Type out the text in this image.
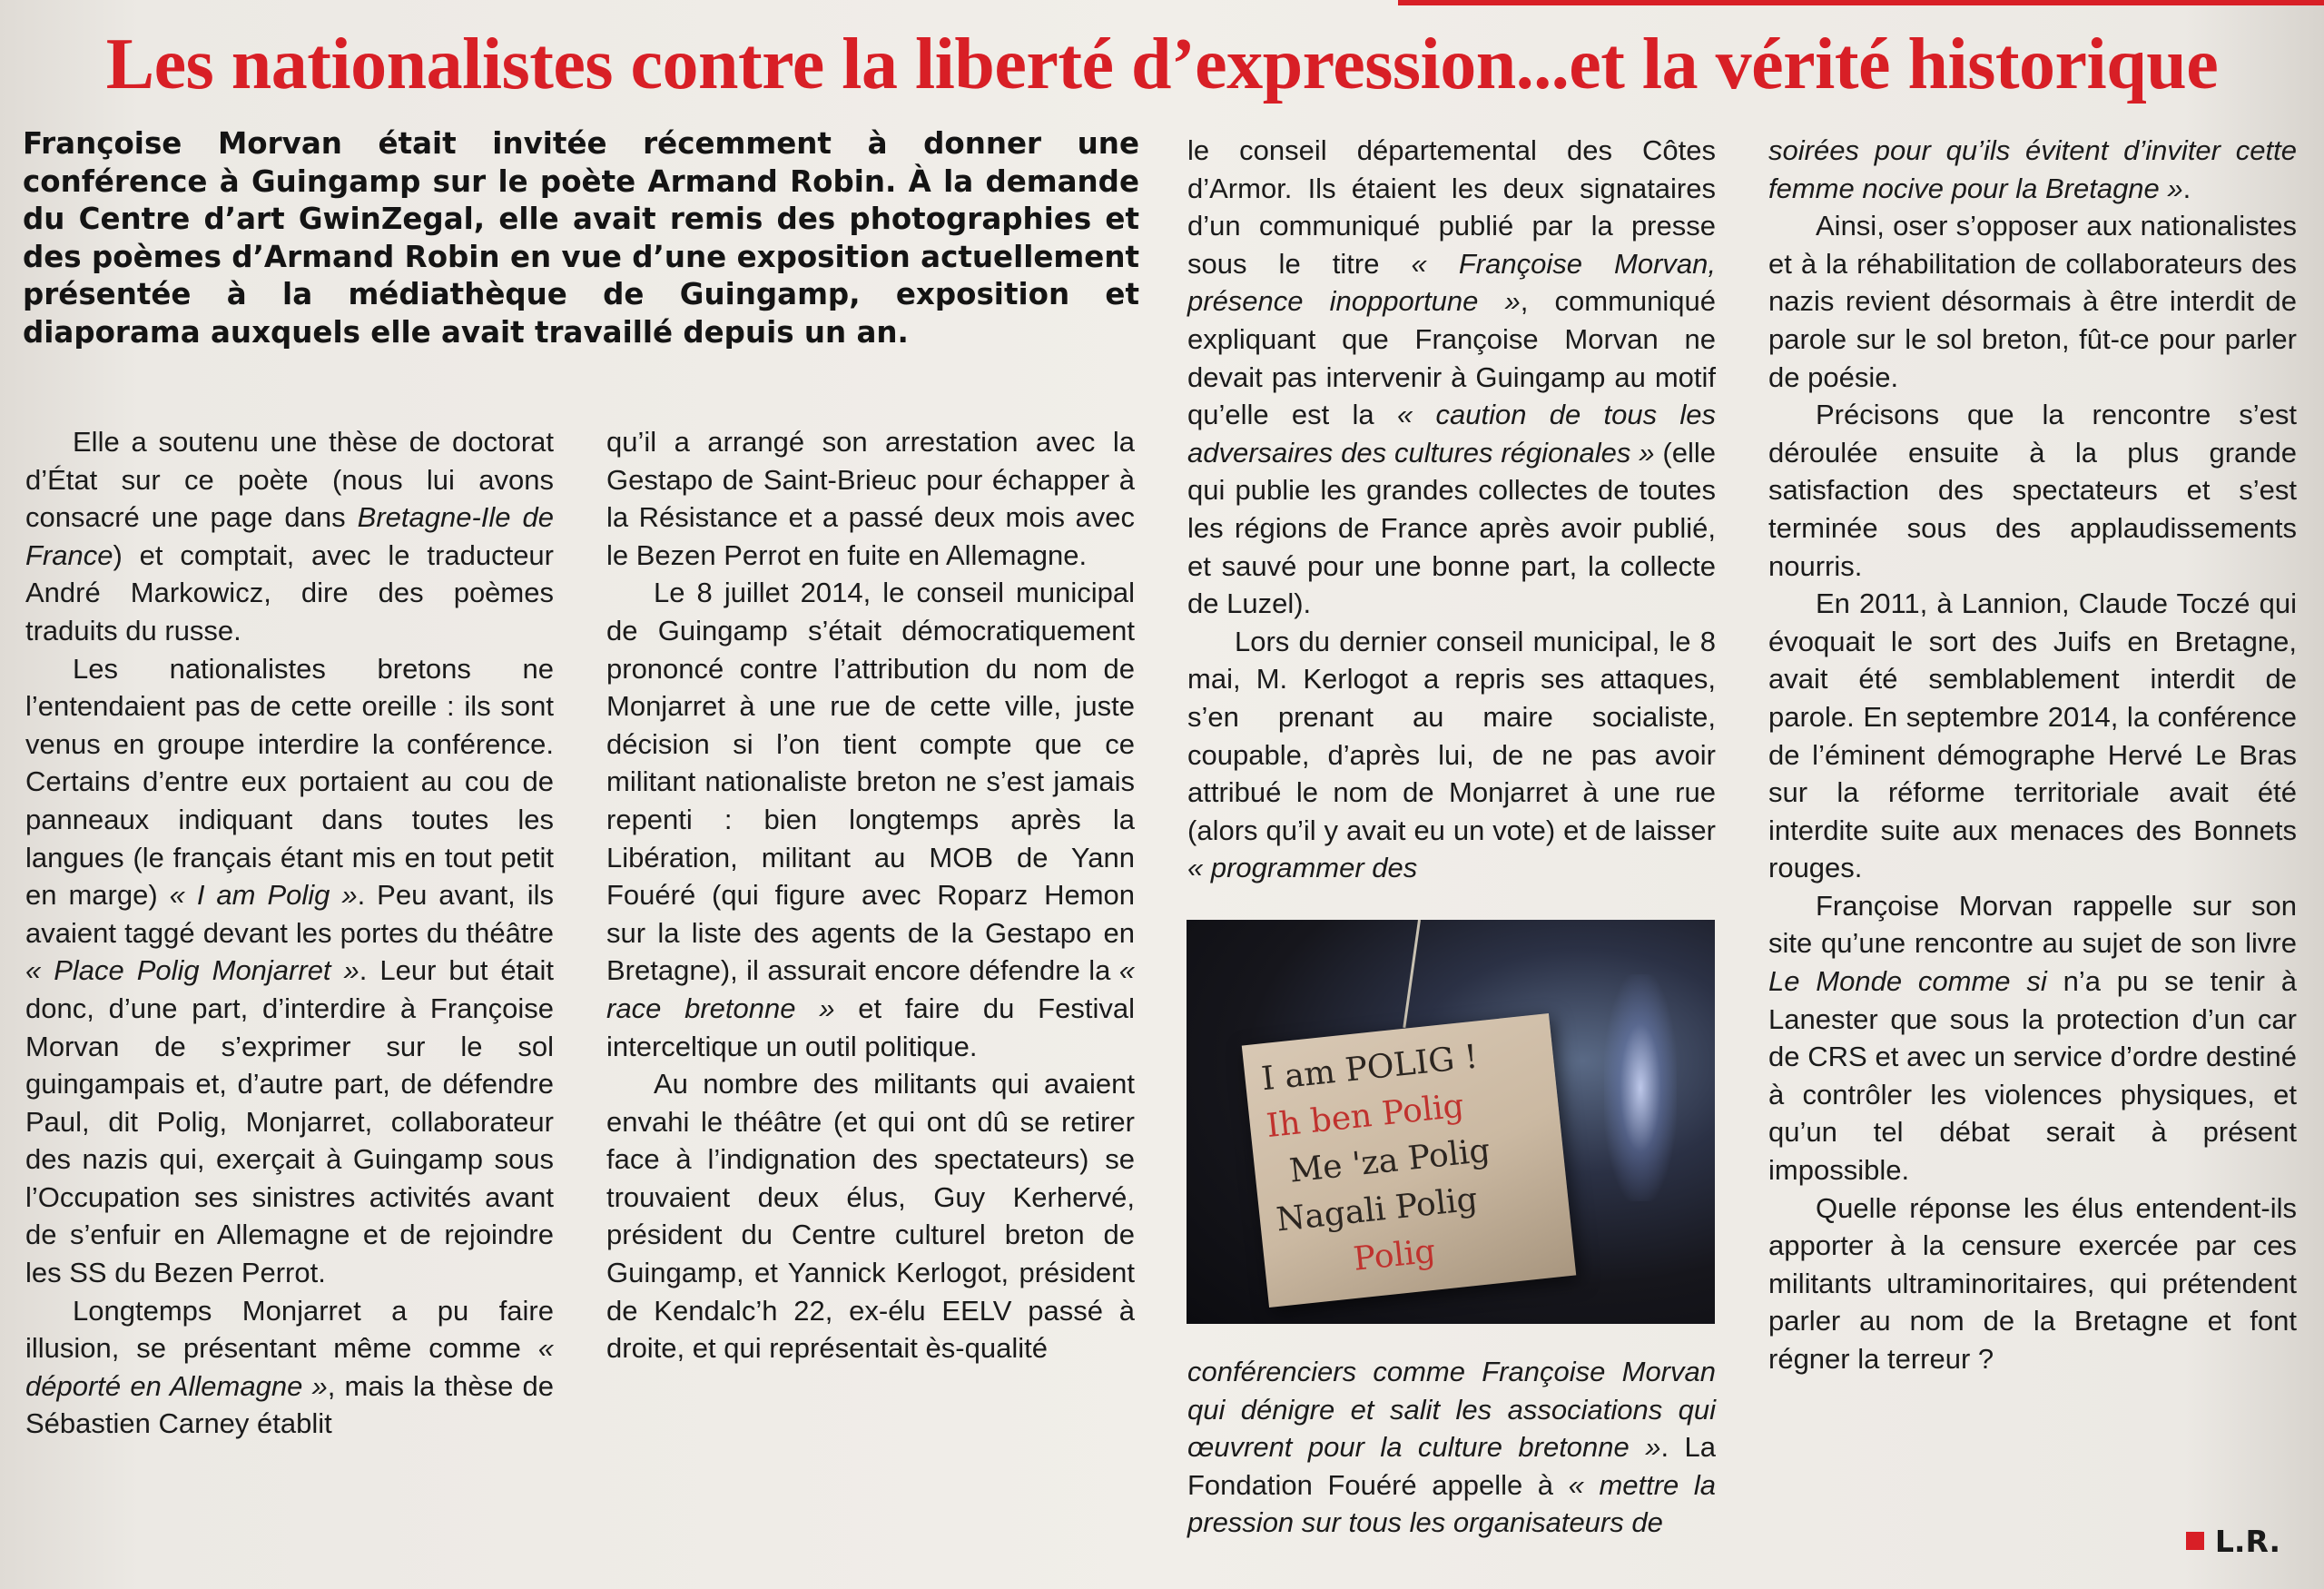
Les nationalistes contre la liberté d’expression...et la vérité historique

Françoise Morvan était invitée récemment à donner une conférence à Guingamp sur le poète Armand Robin. À la demande du Centre d’art GwinZegal, elle avait remis des photographies et des poèmes d’Armand Robin en vue d’une exposition actuellement présentée à la médiathèque de Guingamp, exposition et diaporama auxquels elle avait travaillé depuis un an.

Elle a soutenu une thèse de doctorat d’État sur ce poète (nous lui avons consacré une page dans Bretagne-Ile de France) et comptait, avec le traducteur André Markowicz, dire des poèmes traduits du russe.

Les nationalistes bretons ne l’entendaient pas de cette oreille : ils sont venus en groupe interdire la conférence. Certains d’entre eux portaient au cou de panneaux indiquant dans toutes les langues (le français étant mis en tout petit en marge) « I am Polig ». Peu avant, ils avaient taggé devant les portes du théâtre « Place Polig Monjarret ». Leur but était donc, d’une part, d’interdire à Françoise Morvan de s’exprimer sur le sol guingampais et, d’autre part, de défendre Paul, dit Polig, Monjarret, collaborateur des nazis qui, exerçait à Guingamp sous l’Occupation ses sinistres activités avant de s’enfuir en Allemagne et de rejoindre les SS du Bezen Perrot.

Longtemps Monjarret a pu faire illusion, se présentant même comme « déporté en Allemagne », mais la thèse de Sébastien Carney établit

qu’il a arrangé son arrestation avec la Gestapo de Saint-Brieuc pour échapper à la Résistance et a passé deux mois avec le Bezen Perrot en fuite en Allemagne.

Le 8 juillet 2014, le conseil municipal de Guingamp s’était démocratiquement prononcé contre l’attribution du nom de Monjarret à une rue de cette ville, juste décision si l’on tient compte que ce militant nationaliste breton ne s’est jamais repenti : bien longtemps après la Libération, militant au MOB de Yann Fouéré (qui figure avec Roparz Hemon sur la liste des agents de la Gestapo en Bretagne), il assurait encore défendre la « race bretonne » et faire du Festival interceltique un outil politique.

Au nombre des militants qui avaient envahi le théâtre (et qui ont dû se retirer face à l’indignation des spectateurs) se trouvaient deux élus, Guy Kerhervé, président du Centre culturel breton de Guingamp, et Yannick Kerlogot, président de Kendalc’h 22, ex-élu EELV passé à droite, et qui représentait ès-qualité

le conseil départemental des Côtes d’Armor. Ils étaient les deux signataires d’un communiqué publié par la presse sous le titre « Françoise Morvan, présence inopportune », communiqué expliquant que Françoise Morvan ne devait pas intervenir à Guingamp au motif qu’elle est la « caution de tous les adversaires des cultures régionales » (elle qui publie les grandes collectes de toutes les régions de France après avoir publié, et sauvé pour une bonne part, la collecte de Luzel).

Lors du dernier conseil municipal, le 8 mai, M. Kerlogot a repris ses attaques, s’en prenant au maire socialiste, coupable, d’après lui, de ne pas avoir attribué le nom de Monjarret à une rue (alors qu’il y avait eu un vote) et de laisser « programmer des

I am POLIG !
Ih ben Polig
Me 'za Polig
Nagali Polig
Polig

conférenciers comme Françoise Morvan qui dénigre et salit les associations qui œuvrent pour la culture bretonne ». La Fondation Fouéré appelle à « mettre la pression sur tous les organisateurs de

soirées pour qu’ils évitent d’inviter cette femme nocive pour la Bretagne ».

Ainsi, oser s’opposer aux nationalistes et à la réhabilitation de collaborateurs des nazis revient désormais à être interdit de parole sur le sol breton, fût-ce pour parler de poésie.

Précisons que la rencontre s’est déroulée ensuite à la plus grande satisfaction des spectateurs et s’est terminée sous des applaudissements nourris.

En 2011, à Lannion, Claude Toczé qui évoquait le sort des Juifs en Bretagne, avait été semblablement interdit de parole. En septembre 2014, la conférence de l’éminent démographe Hervé Le Bras sur la réforme territoriale avait été interdite suite aux menaces des Bonnets rouges.

Françoise Morvan rappelle sur son site qu’une rencontre au sujet de son livre Le Monde comme si n’a pu se tenir à Lanester que sous la protection d’un car de CRS et avec un service d’ordre destiné à contrôler les violences physiques, et qu’un tel débat serait à présent impossible.

Quelle réponse les élus entendent-ils apporter à la censure exercée par ces militants ultraminoritaires, qui prétendent parler au nom de la Bretagne et font régner la terreur ?

L.R.
